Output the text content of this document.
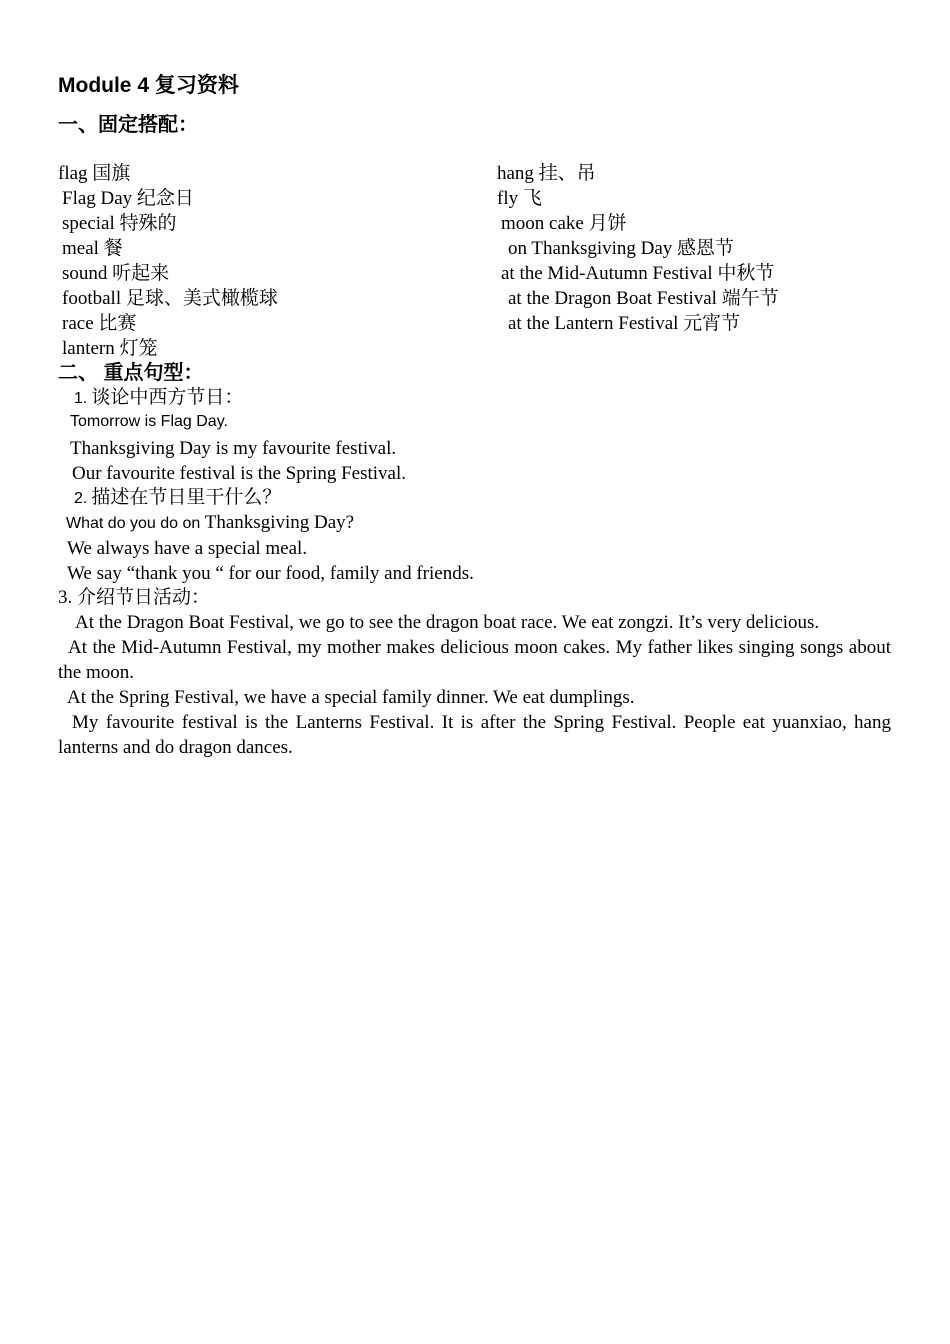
Module 4 复习资料
一、固定搭配：
flag 国旗
Flag Day 纪念日
special 特殊的
meal 餐
sound 听起来
football 足球、美式橄榄球
race 比赛
lantern 灯笼
hang 挂、吊
fly 飞
moon cake 月饼
on Thanksgiving Day 感恩节
at the Mid-Autumn Festival 中秋节
at the Dragon Boat Festival 端午节
at the Lantern Festival 元宵节
二、 重点句型：
1. 谈论中西方节日：
Tomorrow is Flag Day.
Thanksgiving Day is my favourite festival.
Our favourite festival is the Spring Festival.
2. 描述在节日里干什么？
What do you do on Thanksgiving Day?
We always have a special meal.
We say “thank you “ for our food, family and friends.
3. 介绍节日活动：
At the Dragon Boat Festival, we go to see the dragon boat race. We eat zongzi. It’s very delicious.
At the Mid-Autumn Festival, my mother makes delicious moon cakes. My father likes singing songs about the moon.
At the Spring Festival, we have a special family dinner. We eat dumplings.
My favourite festival is the Lanterns Festival. It is after the Spring Festival. People eat yuanxiao, hang lanterns and do dragon dances.
